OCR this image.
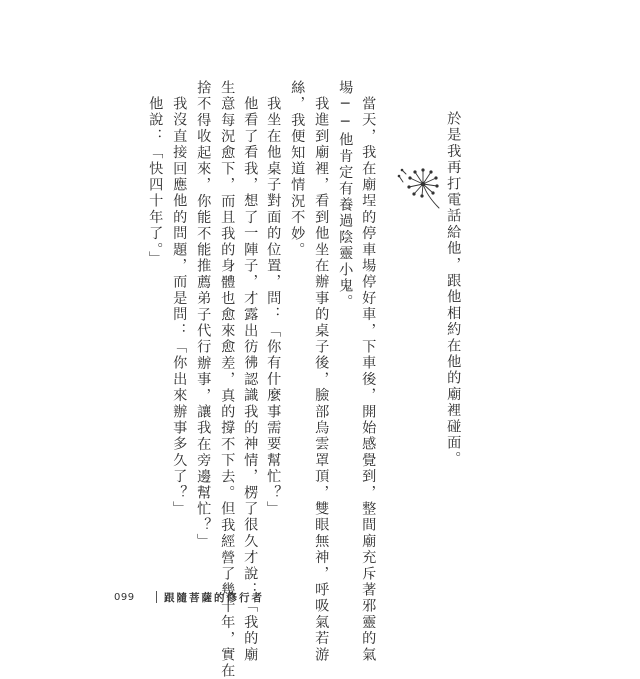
於是我再打電話給他，跟他相約在他的廟裡碰面。
當天，我在廟埕的停車場停好車，下車後，開始感覺到，整間廟充斥著邪靈的氣
場──他肯定有養過陰靈小鬼。
我進到廟裡，看到他坐在辦事的桌子後，臉部烏雲罩頂，雙眼無神，呼吸氣若游
絲，我便知道情況不妙。
我坐在他桌子對面的位置，問：「你有什麼事需要幫忙？」
他看了看我，想了一陣子，才露出彷彿認識我的神情，楞了很久才說：「我的廟
生意每況愈下，而且我的身體也愈來愈差，真的撐不下去。但我經營了幾十年，實在
捨不得收起來，你能不能推薦弟子代行辦事，讓我在旁邊幫忙？」
我沒直接回應他的問題，而是問：「你出來辦事多久了？」
他說：「快四十年了。」
099	跟隨菩薩的修行者
